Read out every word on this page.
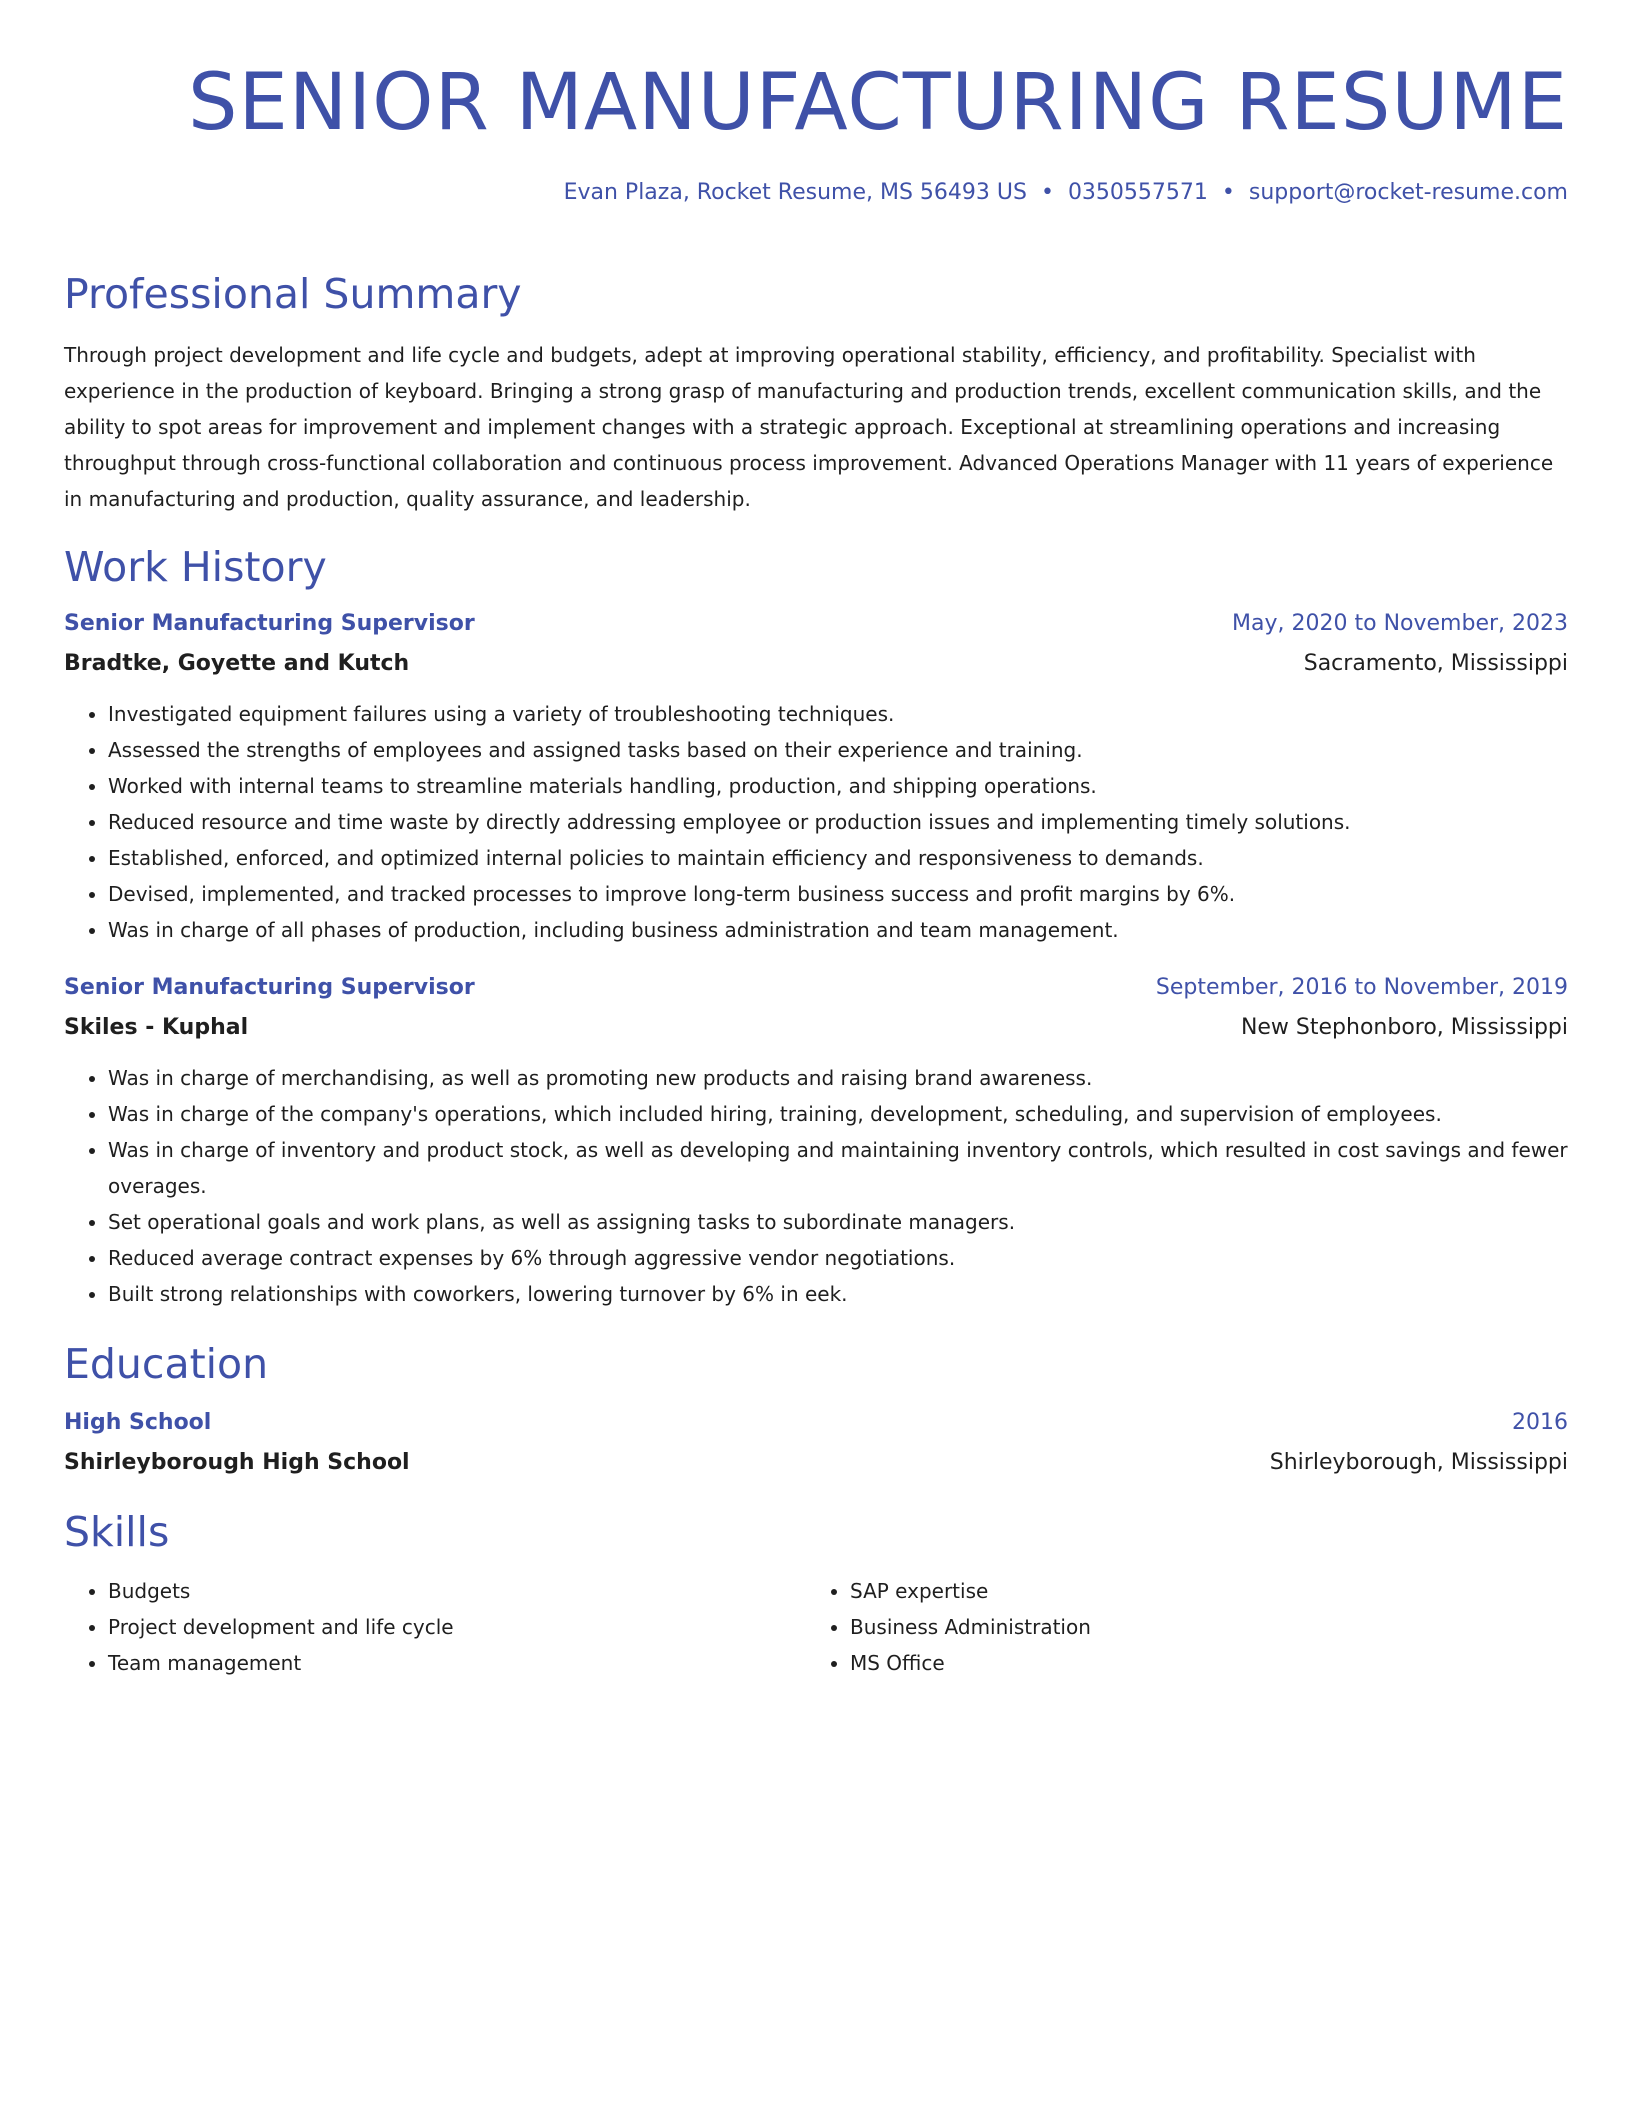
SENIOR MANUFACTURING RESUME
Evan Plaza, Rocket Resume, MS 56493 US • 0350557571 • support@rocket-resume.com
Professional Summary
Through project development and life cycle and budgets, adept at improving operational stability, efficiency, and profitability. Specialist with experience in the production of keyboard. Bringing a strong grasp of manufacturing and production trends, excellent communication skills, and the ability to spot areas for improvement and implement changes with a strategic approach. Exceptional at streamlining operations and increasing throughput through cross-functional collaboration and continuous process improvement. Advanced Operations Manager with 11 years of experience in manufacturing and production, quality assurance, and leadership.
Work History
Senior Manufacturing Supervisor	May, 2020 to November, 2023
Bradtke, Goyette and Kutch	Sacramento, Mississippi
• Investigated equipment failures using a variety of troubleshooting techniques.
• Assessed the strengths of employees and assigned tasks based on their experience and training.
• Worked with internal teams to streamline materials handling, production, and shipping operations.
• Reduced resource and time waste by directly addressing employee or production issues and implementing timely solutions.
• Established, enforced, and optimized internal policies to maintain efficiency and responsiveness to demands.
• Devised, implemented, and tracked processes to improve long-term business success and profit margins by 6%.
• Was in charge of all phases of production, including business administration and team management.
Senior Manufacturing Supervisor	September, 2016 to November, 2019
Skiles - Kuphal	New Stephonboro, Mississippi
• Was in charge of merchandising, as well as promoting new products and raising brand awareness.
• Was in charge of the company's operations, which included hiring, training, development, scheduling, and supervision of employees.
• Was in charge of inventory and product stock, as well as developing and maintaining inventory controls, which resulted in cost savings and fewer overages.
• Set operational goals and work plans, as well as assigning tasks to subordinate managers.
• Reduced average contract expenses by 6% through aggressive vendor negotiations.
• Built strong relationships with coworkers, lowering turnover by 6% in eek.
Education
High School	2016
Shirleyborough High School	Shirleyborough, Mississippi
Skills
• Budgets
• Project development and life cycle
• Team management
• SAP expertise
• Business Administration
• MS Office
